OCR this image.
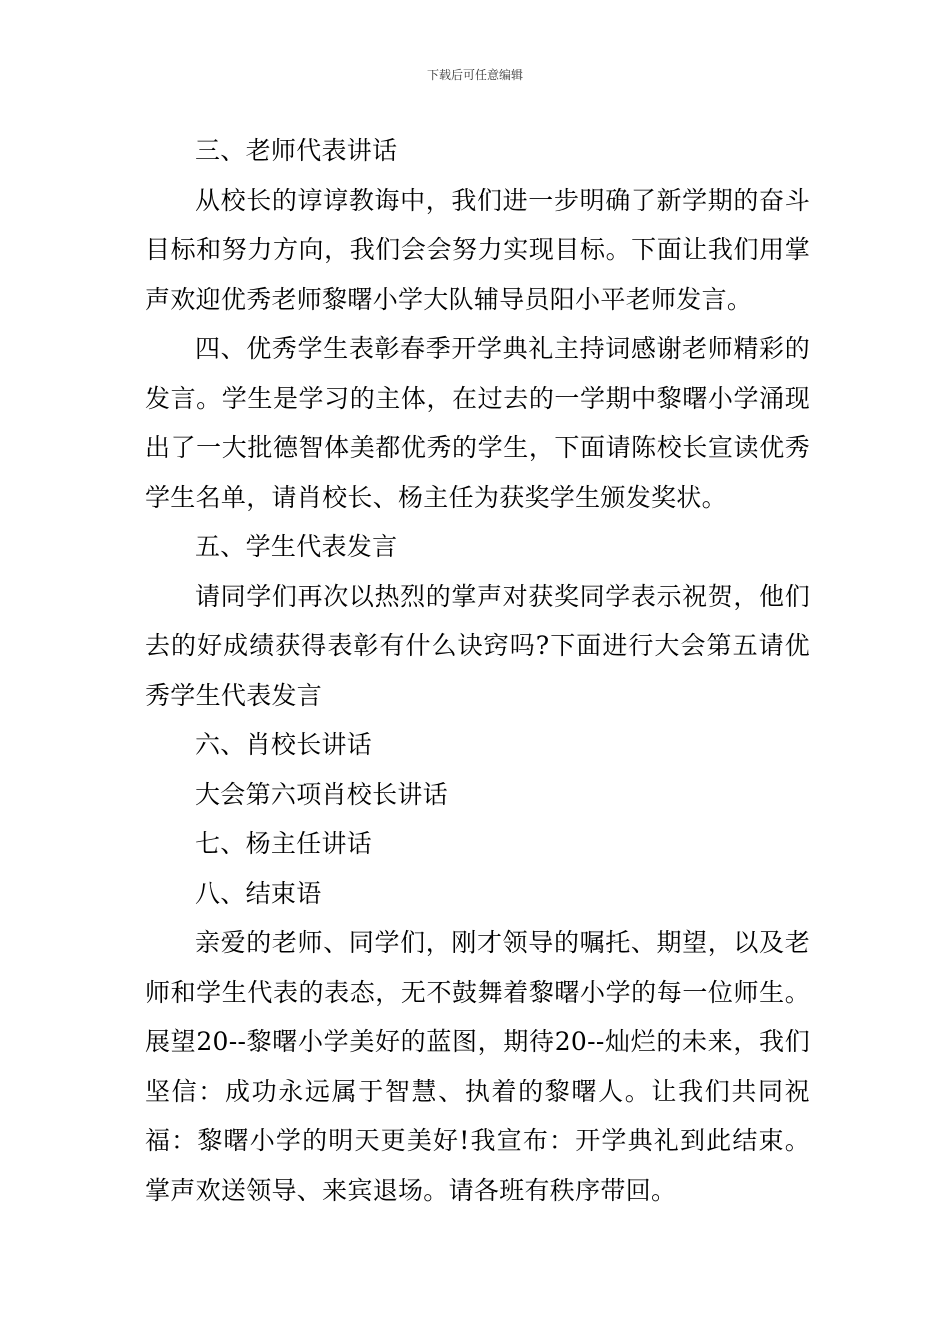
下载后可任意编辑

三、老师代表讲话

从校长的谆谆教诲中，我们进一步明确了新学期的奋斗目标和努力方向，我们会会努力实现目标。下面让我们用掌声欢迎优秀老师黎曙小学大队辅导员阳小平老师发言。

四、优秀学生表彰春季开学典礼主持词感谢老师精彩的发言。学生是学习的主体，在过去的一学期中黎曙小学涌现出了一大批德智体美都优秀的学生，下面请陈校长宣读优秀学生名单，请肖校长、杨主任为获奖学生颁发奖状。

五、学生代表发言

请同学们再次以热烈的掌声对获奖同学表示祝贺，他们去的好成绩获得表彰有什么诀窍吗?下面进行大会第五请优秀学生代表发言

六、肖校长讲话

大会第六项肖校长讲话

七、杨主任讲话

八、结束语

亲爱的老师、同学们，刚才领导的嘱托、期望，以及老师和学生代表的表态，无不鼓舞着黎曙小学的每一位师生。展望20--黎曙小学美好的蓝图，期待20--灿烂的未来，我们坚信：成功永远属于智慧、执着的黎曙人。让我们共同祝福：黎曙小学的明天更美好!我宣布：开学典礼到此结束。掌声欢送领导、来宾退场。请各班有秩序带回。
